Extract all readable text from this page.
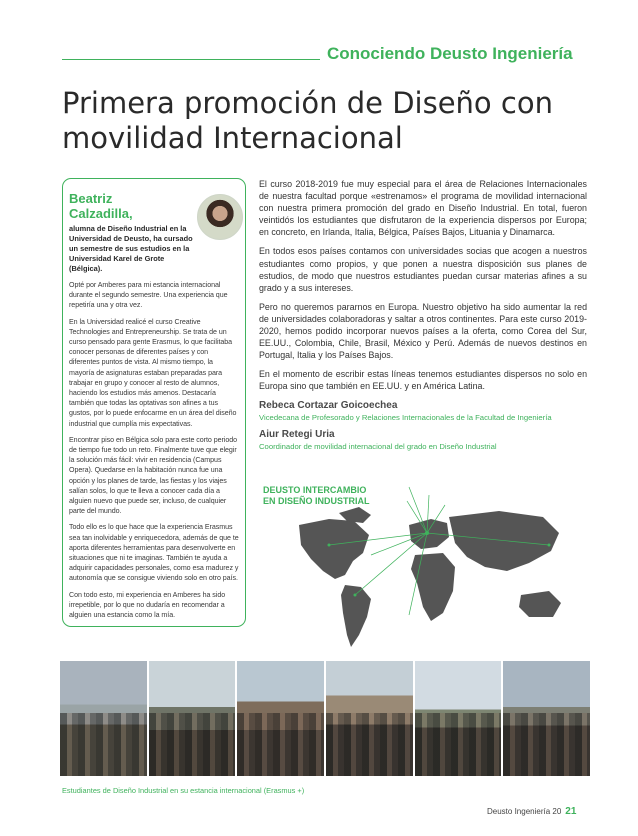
Conociendo Deusto Ingeniería
Primera promoción de Diseño con movilidad Internacional
Beatriz Calzadilla,
alumna de Diseño Industrial en la Universidad de Deusto, ha cursado un semestre de sus estudios en la Universidad Karel de Grote (Bélgica).

Opté por Amberes para mi estancia internacional durante el segundo semestre. Una experiencia que repetiría una y otra vez.

En la Universidad realicé el curso Creative Technologies and Entrepreneurship. Se trata de un curso pensado para gente Erasmus, lo que facilitaba conocer personas de diferentes países y con diferentes puntos de vista. Al mismo tiempo, la mayoría de asignaturas estaban preparadas para trabajar en grupo y conocer al resto de alumnos, haciendo los estudios más amenos. Destacaría también que todas las optativas son afines a tus gustos, por lo puede enfocarme en un área del diseño industrial que cumplía mis expectativas.

Encontrar piso en Bélgica solo para este corto periodo de tiempo fue todo un reto. Finalmente tuve que elegir la solución más fácil: vivir en residencia (Campus Opera). Quedarse en la habitación nunca fue una opción y los planes de tarde, las fiestas y los viajes salían solos, lo que te lleva a conocer cada día a alguien nuevo que puede ser, incluso, de cualquier parte del mundo.

Todo ello es lo que hace que la experiencia Erasmus sea tan inolvidable y enriquecedora, además de que te aporta diferentes herramientas para desenvolverte en situaciones que ni te imaginas. También te ayuda a adquirir capacidades personales, como esa madurez y autonomía que se consigue viviendo solo en otro país.

Con todo esto, mi experiencia en Amberes ha sido irrepetible, por lo que no dudaría en recomendar a alguien una estancia como la mía.

El curso 2018-2019 fue muy especial para el área de Relaciones Internacionales de nuestra facultad porque «estrenamos» el programa de movilidad internacional con nuestra primera promoción del grado en Diseño Industrial. En total, fueron veintidós los estudiantes que disfrutaron de la experiencia dispersos por Europa; en concreto, en Irlanda, Italia, Bélgica, Países Bajos, Lituania y Dinamarca.

En todos esos países contamos con universidades socias que acogen a nuestros estudiantes como propios, y que ponen a nuestra disposición sus planes de estudios, de modo que nuestros estudiantes puedan cursar materias afines a su grado y a sus intereses.

Pero no queremos pararnos en Europa. Nuestro objetivo ha sido aumentar la red de universidades colaboradoras y saltar a otros continentes. Para este curso 2019-2020, hemos podido incorporar nuevos países a la oferta, como Corea del Sur, EE.UU., Colombia, Chile, Brasil, México y Perú. Además de nuevos destinos en Portugal, Italia y los Países Bajos.

En el momento de escribir estas líneas tenemos estudiantes dispersos no solo en Europa sino que también en EE.UU. y en América Latina.

Rebeca Cortazar Goicoechea
Vicedecana de Profesorado y Relaciones Internacionales de la Facultad de Ingeniería
Aiur Retegi Uria
Coordinador de movilidad internacional del grado en Diseño Industrial
DEUSTO INTERCAMBIO
EN DISEÑO INDUSTRIAL
Estudiantes de Diseño Industrial en su estancia internacional (Erasmus +)
Deusto Ingeniería 20 21
